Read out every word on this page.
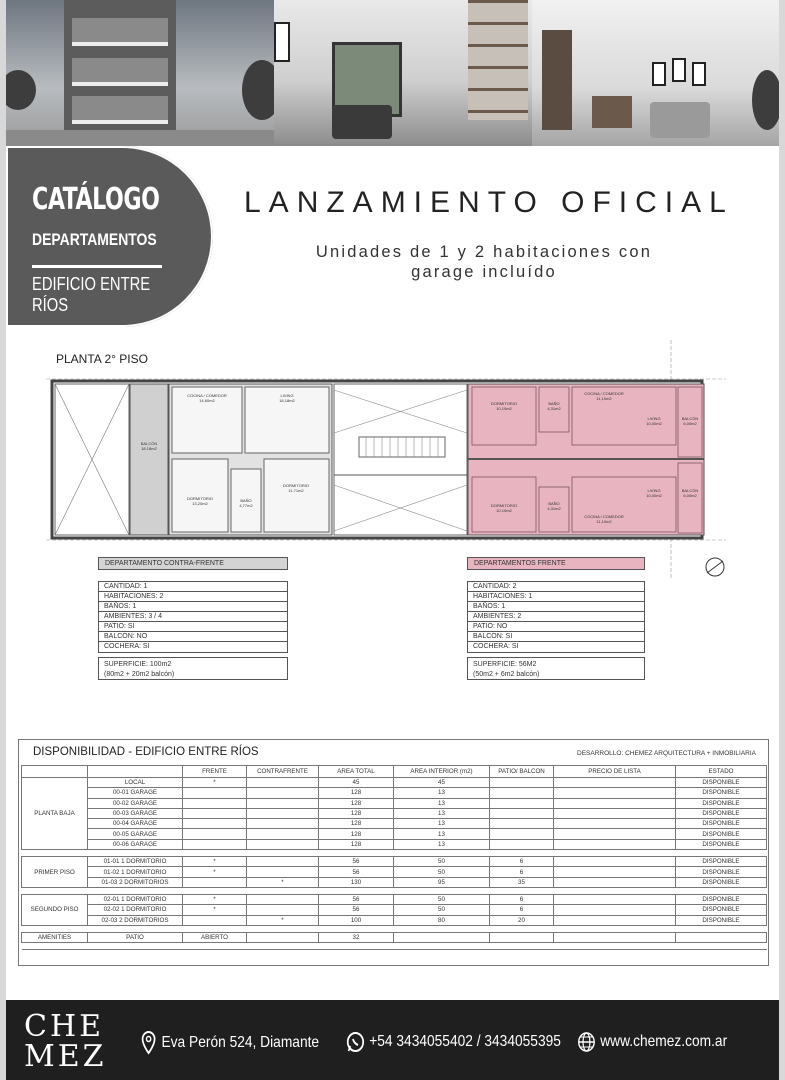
CATÁLOGO
DEPARTAMENTOS
EDIFICIO ENTRE RÍOS
LANZAMIENTO OFICIAL
Unidades de 1 y 2 habitaciones con
garage incluído
PLANTA 2° PISO
COCINA / COMEDOR
14,60m2
LIVING
18,18m2
BALCÓN
18,18m2
DORMITORIO
13,20m2
BAÑO
4,77m2
DORMITORIO
11,71m2
DORMITORIO
10,10m2
BAÑO
4,31m2
COCINA / COMEDOR
11,10m2
LIVING
10,00m2
BALCÓN
6,00m2
DORMITORIO
10,10m2
BAÑO
4,31m2
COCINA / COMEDOR
11,10m2
LIVING
10,00m2
BALCÓN
6,00m2
DEPARTAMENTO CONTRA-FRENTE
CANTIDAD: 1
HABITACIONES: 2
BAÑOS: 1
AMBIENTES: 3 / 4
PATIO: SI
BALCÓN: NO
COCHERA: SI
SUPERFICIE: 100m2
(80m2 + 20m2 balcón)
DEPARTAMENTOS FRENTE
CANTIDAD: 2
HABITACIONES: 1
BAÑOS: 1
AMBIENTES: 2
PATIO: NO
BALCÓN: SI
COCHERA: SI
SUPERFICIE: 56M2
(50m2 + 6m2 balcón)
DISPONIBILIDAD - EDIFICIO ENTRE RÍOS	DESARROLLO: CHEMEZ ARQUITECTURA + INMOBILIARIA
		FRENTE	CONTRAFRENTE	AREA TOTAL	AREA INTERIOR (m2)	PATIO/ BALCON	PRECIO DE LISTA	ESTADO
PLANTA BAJA	LOCAL	*		45	45			DISPONIBLE
	00-01 GARAGE			128	13			DISPONIBLE
	00-02 GARAGE			128	13			DISPONIBLE
	00-03 GARAGE			128	13			DISPONIBLE
	00-04 GARAGE			128	13			DISPONIBLE
	00-05 GARAGE			128	13			DISPONIBLE
	00-06 GARAGE			128	13			DISPONIBLE

PRIMER PISO	01-01 1 DORMITORIO	*		56	50	6		DISPONIBLE
	01-02 1 DORMITORIO	*		56	50	6		DISPONIBLE
	01-03 2 DORMITORIOS		*	130	95	35		DISPONIBLE

SEGUNDO PISO	02-01 1 DORMITORIO	*		56	50	6		DISPONIBLE
	02-02 1 DORMITORIO	*		56	50	6		DISPONIBLE
	02-03 2 DORMITORIOS		*	100	80	20		DISPONIBLE

AMENITIES	PATIO	ABIERTO		32				

CHE
MEZ	Eva Perón 524, Diamante	+54 3434055402 / 3434055395 www.chemez.com.ar
